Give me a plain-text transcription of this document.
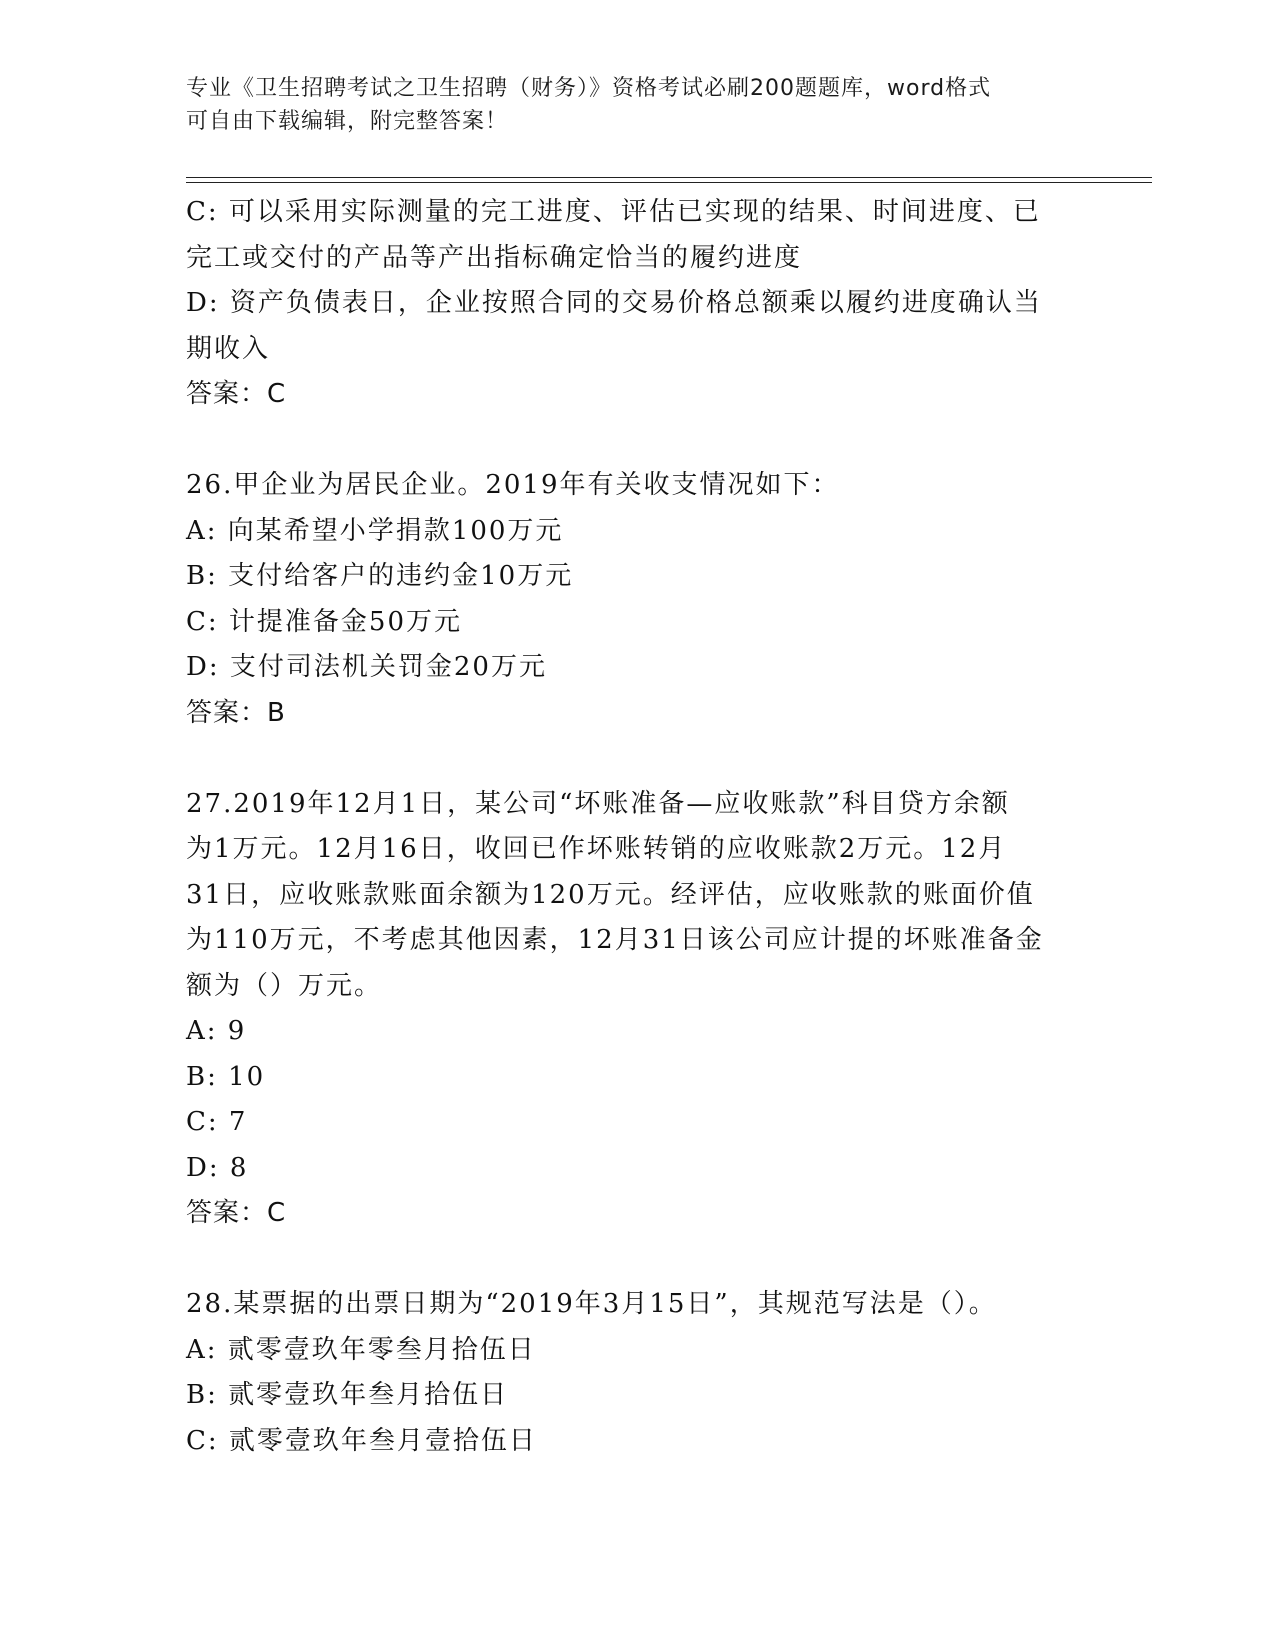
专业《卫生招聘考试之卫生招聘（财务）》资格考试必刷200题题库，word格式
可自由下载编辑，附完整答案！
C: 可以采用实际测量的完工进度、评估已实现的结果、时间进度、已
完工或交付的产品等产出指标确定恰当的履约进度
D: 资产负债表日，企业按照合同的交易价格总额乘以履约进度确认当
期收入
答案：C
26.甲企业为居民企业。2019年有关收支情况如下：
A: 向某希望小学捐款100万元
B: 支付给客户的违约金10万元
C: 计提准备金50万元
D: 支付司法机关罚金20万元
答案：B
27.2019年12月1日，某公司“坏账准备—应收账款”科目贷方余额
为1万元。12月16日，收回已作坏账转销的应收账款2万元。12月
31日，应收账款账面余额为120万元。经评估，应收账款的账面价值
为110万元，不考虑其他因素，12月31日该公司应计提的坏账准备金
额为（）万元。
A: 9
B: 10
C: 7
D: 8
答案：C
28.某票据的出票日期为“2019年3月15日”，其规范写法是（）。
A: 贰零壹玖年零叁月拾伍日
B: 贰零壹玖年叁月拾伍日
C: 贰零壹玖年叁月壹拾伍日
